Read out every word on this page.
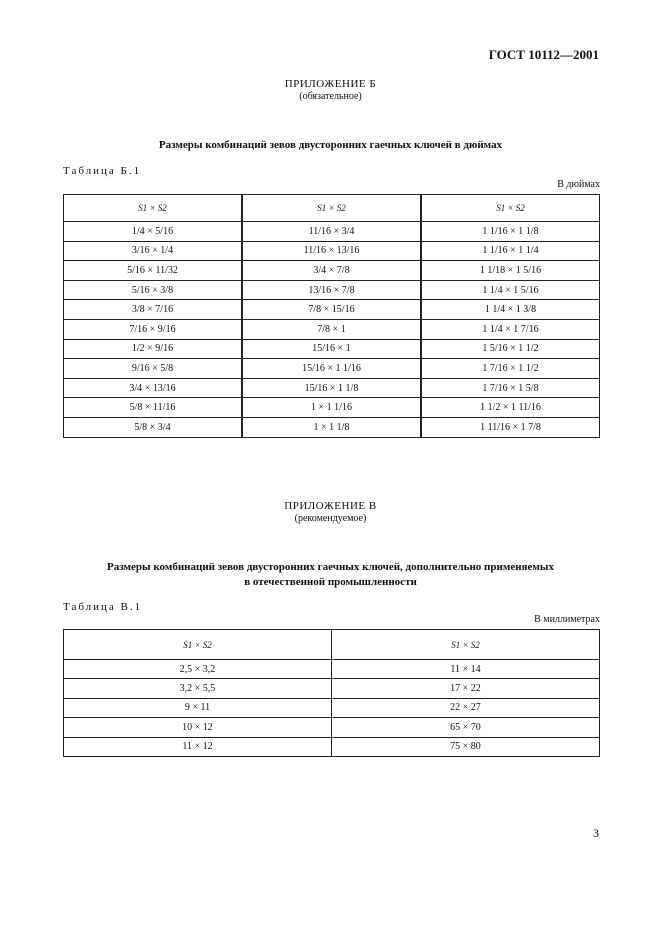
ГОСТ 10112—2001
ПРИЛОЖЕНИЕ Б
(обязательное)
Размеры комбинаций зевов двусторонних гаечных ключей в дюймах
Таблица Б.1
В дюймах
S1 × S2	S1 × S2	S1 × S2
1/4 × 5/16	11/16 × 3/4	1 1/16 × 1 1/8
3/16 × 1/4	11/16 × 13/16	1 1/16 × 1 1/4
5/16 × 11/32	3/4 × 7/8	1 1/18 × 1 5/16
5/16 × 3/8	13/16 × 7/8	1 1/4 × 1 5/16
3/8 × 7/16	7/8 × 15/16	1 1/4 × 1 3/8
7/16 × 9/16	7/8 × 1	1 1/4 × 1 7/16
1/2 × 9/16	15/16 × 1	1 5/16 × 1 1/2
9/16 × 5/8	15/16 × 1 1/16	1 7/16 × 1 1/2
3/4 × 13/16	15/16 × 1 1/8	1 7/16 × 1 5/8
5/8 × 11/16	1 × 1 1/16	1 1/2 × 1 11/16
5/8 × 3/4	1 × 1 1/8	1 11/16 × 1 7/8
ПРИЛОЖЕНИЕ В
(рекомендуемое)
Размеры комбинаций зевов двусторонних гаечных ключей, дополнительно применяемых
в отечественной промышленности
Таблица В.1
В миллиметрах
S1 × S2	S1 × S2
2,5 × 3,2	11 × 14
3,2 × 5,5	17 × 22
9 × 11	22 × 27
10 × 12	65 × 70
11 × 12	75 × 80
3
